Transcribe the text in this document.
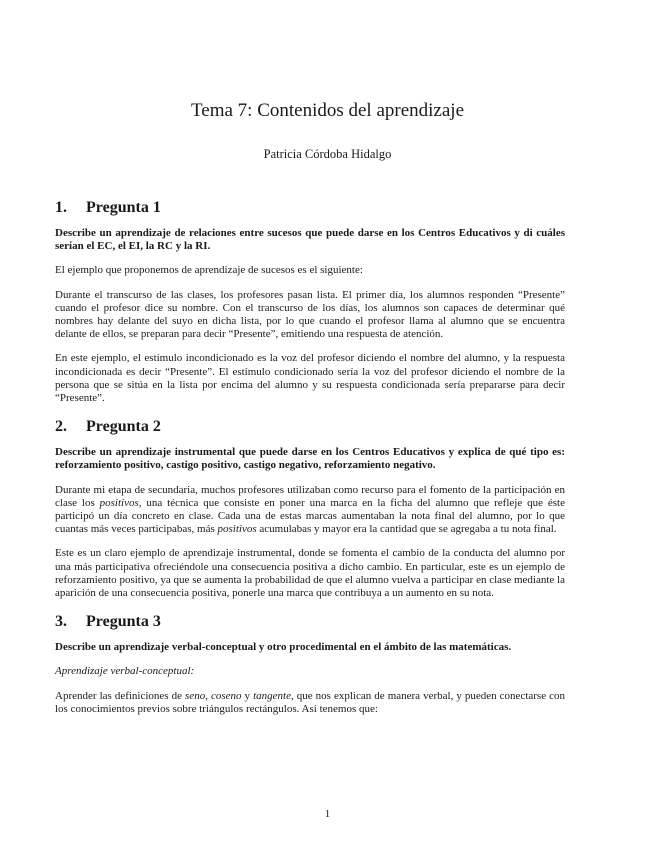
Tema 7: Contenidos del aprendizaje
Patricia Córdoba Hidalgo
1. Pregunta 1

Describe un aprendizaje de relaciones entre sucesos que puede darse en los Centros Educativos y di cuáles serían el EC, el EI, la RC y la RI.

El ejemplo que proponemos de aprendizaje de sucesos es el siguiente:

Durante el transcurso de las clases, los profesores pasan lista. El primer día, los alumnos responden “Presente” cuando el profesor dice su nombre. Con el transcurso de los días, los alumnos son capaces de determinar qué nombres hay delante del suyo en dicha lista, por lo que cuando el profesor llama al alumno que se encuentra delante de ellos, se preparan para decir “Presente”, emitiendo una respuesta de atención.

En este ejemplo, el estímulo incondicionado es la voz del profesor diciendo el nombre del alumno, y la respuesta incondicionada es decir “Presente”. El estímulo condicionado sería la voz del profesor diciendo el nombre de la persona que se sitúa en la lista por encima del alumno y su respuesta condicionada sería prepararse para decir “Presente”.

2. Pregunta 2

Describe un aprendizaje instrumental que puede darse en los Centros Educativos y explica de qué tipo es: reforzamiento positivo, castigo positivo, castigo negativo, reforzamiento negativo.

Durante mi etapa de secundaria, muchos profesores utilizaban como recurso para el fomento de la participación en clase los positivos, una técnica que consiste en poner una marca en la ficha del alumno que refleje que éste participó un día concreto en clase. Cada una de estas marcas aumentaban la nota final del alumno, por lo que cuantas más veces participabas, más positivos acumulabas y mayor era la cantidad que se agregaba a tu nota final.

Este es un claro ejemplo de aprendizaje instrumental, donde se fomenta el cambio de la conducta del alumno por una más participativa ofreciéndole una consecuencia positiva a dicho cambio. En particular, este es un ejemplo de reforzamiento positivo, ya que se aumenta la probabilidad de que el alumno vuelva a participar en clase mediante la aparición de una consecuencia positiva, ponerle una marca que contribuya a un aumento en su nota.

3. Pregunta 3

Describe un aprendizaje verbal-conceptual y otro procedimental en el ámbito de las matemáticas.

Aprendizaje verbal-conceptual:

Aprender las definiciones de seno, coseno y tangente, que nos explican de manera verbal, y pueden conectarse con los conocimientos previos sobre triángulos rectángulos. Así tenemos que:

1
